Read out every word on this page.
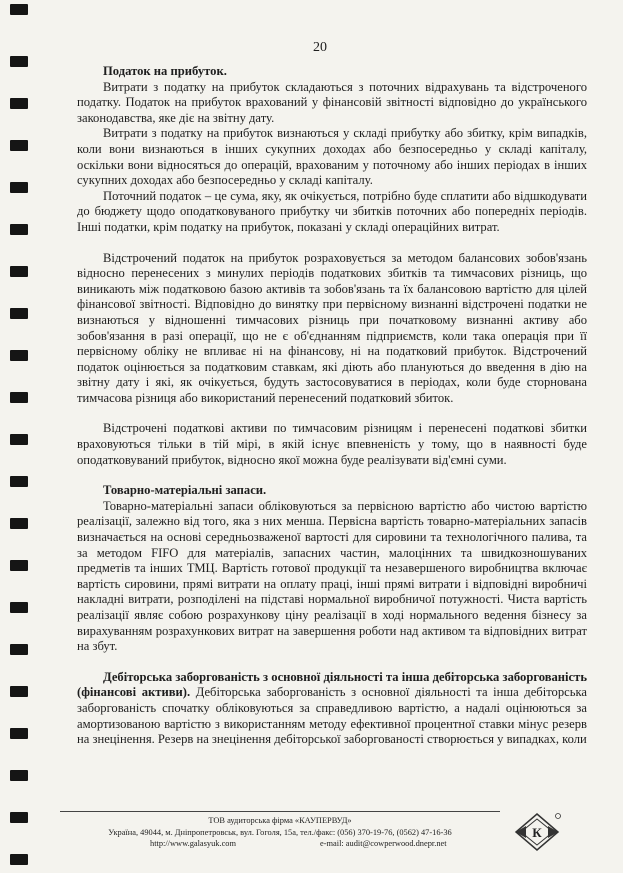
20

Податок на прибуток.

Витрати з податку на прибуток складаються з поточних відрахувань та відстроченого податку. Податок на прибуток врахований у фінансовій звітності відповідно до українського законодавства, яке діє на звітну дату.

Витрати з податку на прибуток визнаються у складі прибутку або збитку, крім випадків, коли вони визнаються в інших сукупних доходах або безпосередньо у складі капіталу, оскільки вони відносяться до операцій, врахованим у поточному або інших періодах в інших сукупних доходах або безпосередньо у складі капіталу.

Поточний податок – це сума, яку, як очікується, потрібно буде сплатити або відшкодувати до бюджету щодо оподатковуваного прибутку чи збитків поточних або попередніх періодів. Інші податки, крім податку на прибуток, показані у складі операційних витрат.

Відстрочений податок на прибуток розраховується за методом балансових зобов'язань відносно перенесених з минулих періодів податкових збитків та тимчасових різниць, що виникають між податковою базою активів та зобов'язань та їх балансовою вартістю для цілей фінансової звітності. Відповідно до винятку при первісному визнанні відстрочені податки не визнаються у відношенні тимчасових різниць при початковому визнанні активу або зобов'язання в разі операції, що не є об'єднанням підприємств, коли така операція при її первісному обліку не впливає ні на фінансову, ні на податковий прибуток. Відстрочений податок оцінюється за податковим ставкам, які діють або плануються до введення в дію на звітну дату і які, як очікується, будуть застосовуватися в періодах, коли буде сторнована тимчасова різниця або використаний перенесений податковий збиток.

Відстрочені податкові активи по тимчасовим різницям і перенесені податкові збитки враховуються тільки в тій мірі, в якій існує впевненість у тому, що в наявності буде оподатковуваний прибуток, відносно якої можна буде реалізувати від'ємні суми.

Товарно-матеріальні запаси.

Товарно-матеріальні запаси обліковуються за первісною вартістю або чистою вартістю реалізації, залежно від того, яка з них менша. Первісна вартість товарно-матеріальних запасів визначається на основі середньозваженої вартості для сировини та технологічного палива, та за методом FIFO для матеріалів, запасних частин, малоцінних та швидкозношуваних предметів та інших ТМЦ. Вартість готової продукції та незавершеного виробництва включає вартість сировини, прямі витрати на оплату праці, інші прямі витрати і відповідні виробничі накладні витрати, розподілені на підставі нормальної виробничої потужності. Чиста вартість реалізації являє собою розрахункову ціну реалізації в ході нормального ведення бізнесу за вирахуванням розрахункових витрат на завершення роботи над активом та відповідних витрат на збут.

Дебіторська заборгованість з основної діяльності та інша дебіторська заборгованість (фінансові активи). Дебіторська заборгованість з основної діяльності та інша дебіторська заборгованість спочатку обліковуються за справедливою вартістю, а надалі оцінюються за амортизованою вартістю з використанням методу ефективної процентної ставки мінус резерв на знецінення. Резерв на знецінення дебіторської заборгованості створюється у випадках, коли

ТОВ аудиторська фірма «КАУПЕРВУД»
Україна, 49044, м. Дніпропетровськ, вул. Гоголя, 15а, тел./факс: (056) 370-19-76, (0562) 47-16-36
http://www.galasyuk.com	e-mail: audit@cowperwood.dnepr.net
К
